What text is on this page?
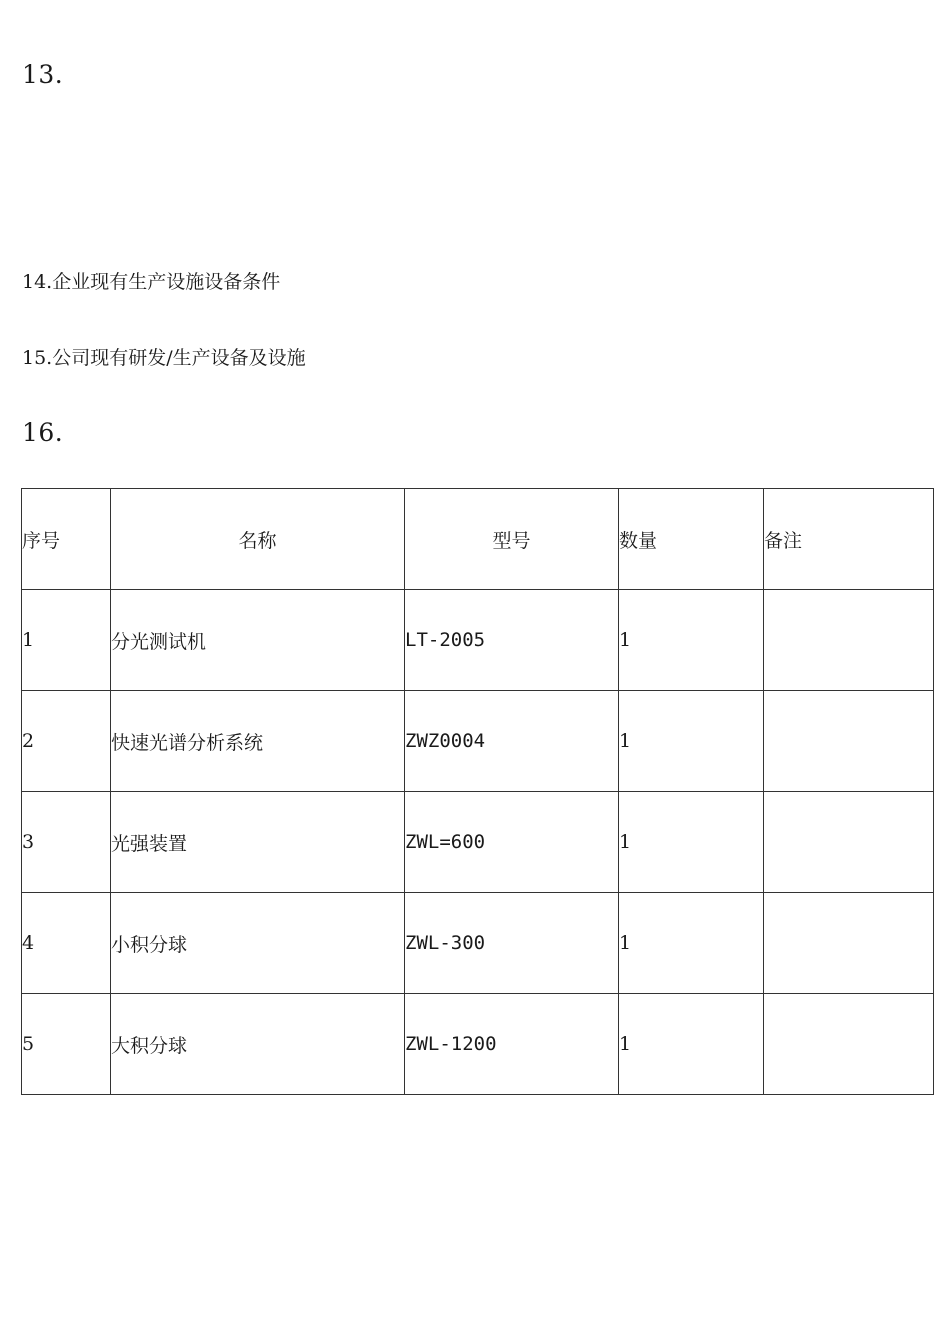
13.
14.企业现有生产设施设备条件
15.公司现有研发/生产设备及设施
16.
序号	名称	型号	数量	备注
1	分光测试机	LT-2005	1	
2	快速光谱分析系统	ZWZ0004	1	
3	光强装置	ZWL=600	1	
4	小积分球	ZWL-300	1	
5	大积分球	ZWL-1200	1	
